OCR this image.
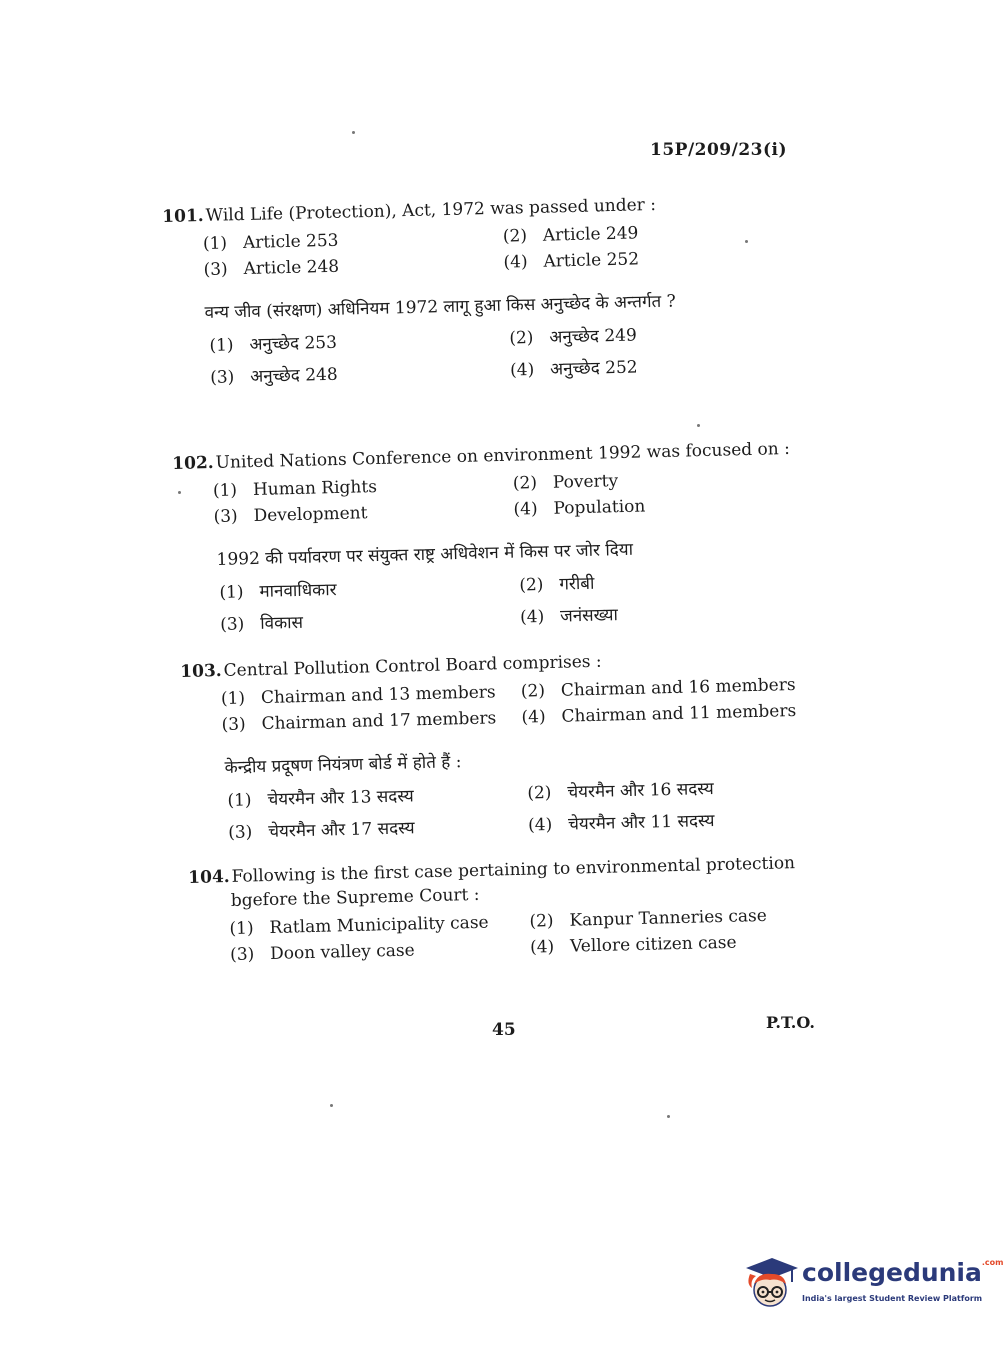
15P/209/23(i)

101.Wild Life (Protection), Act, 1972 was passed under :

(1) Article 253	(2) Article 249
(3) Article 248	(4) Article 252

वन्य जीव (संरक्षण) अधिनियम 1972 लागू हुआ किस अनुच्छेद के अन्तर्गत ?

(1) अनुच्छेद 253	(2) अनुच्छेद 249
(3) अनुच्छेद 248	(4) अनुच्छेद 252

102.United Nations Conference on environment 1992 was focused on :

(1) Human Rights	(2) Poverty
(3) Development	(4) Population

1992 की पर्यावरण पर संयुक्त राष्ट्र अधिवेशन में किस पर जोर दिया

(1) मानवाधिकार	(2) गरीबी
(3) विकास	(4) जनंसख्या

103.Central Pollution Control Board comprises :

(1) Chairman and 13 members	(2) Chairman and 16 members
(3) Chairman and 17 members	(4) Chairman and 11 members

केन्द्रीय प्रदूषण नियंत्रण बोर्ड में होते हैं :

(1) चेयरमैन और 13 सदस्य	(2) चेयरमैन और 16 सदस्य
(3) चेयरमैन और 17 सदस्य	(4) चेयरमैन और 11 सदस्य

104.Following is the first case pertaining to environmental protection bgefore the Supreme Court :

(1) Ratlam Municipality case	(2) Kanpur Tanneries case
(3) Doon valley case	(4) Vellore citizen case
45	P.T.O.
collegedunia$^{.com}$
India's largest Student Review Platform
